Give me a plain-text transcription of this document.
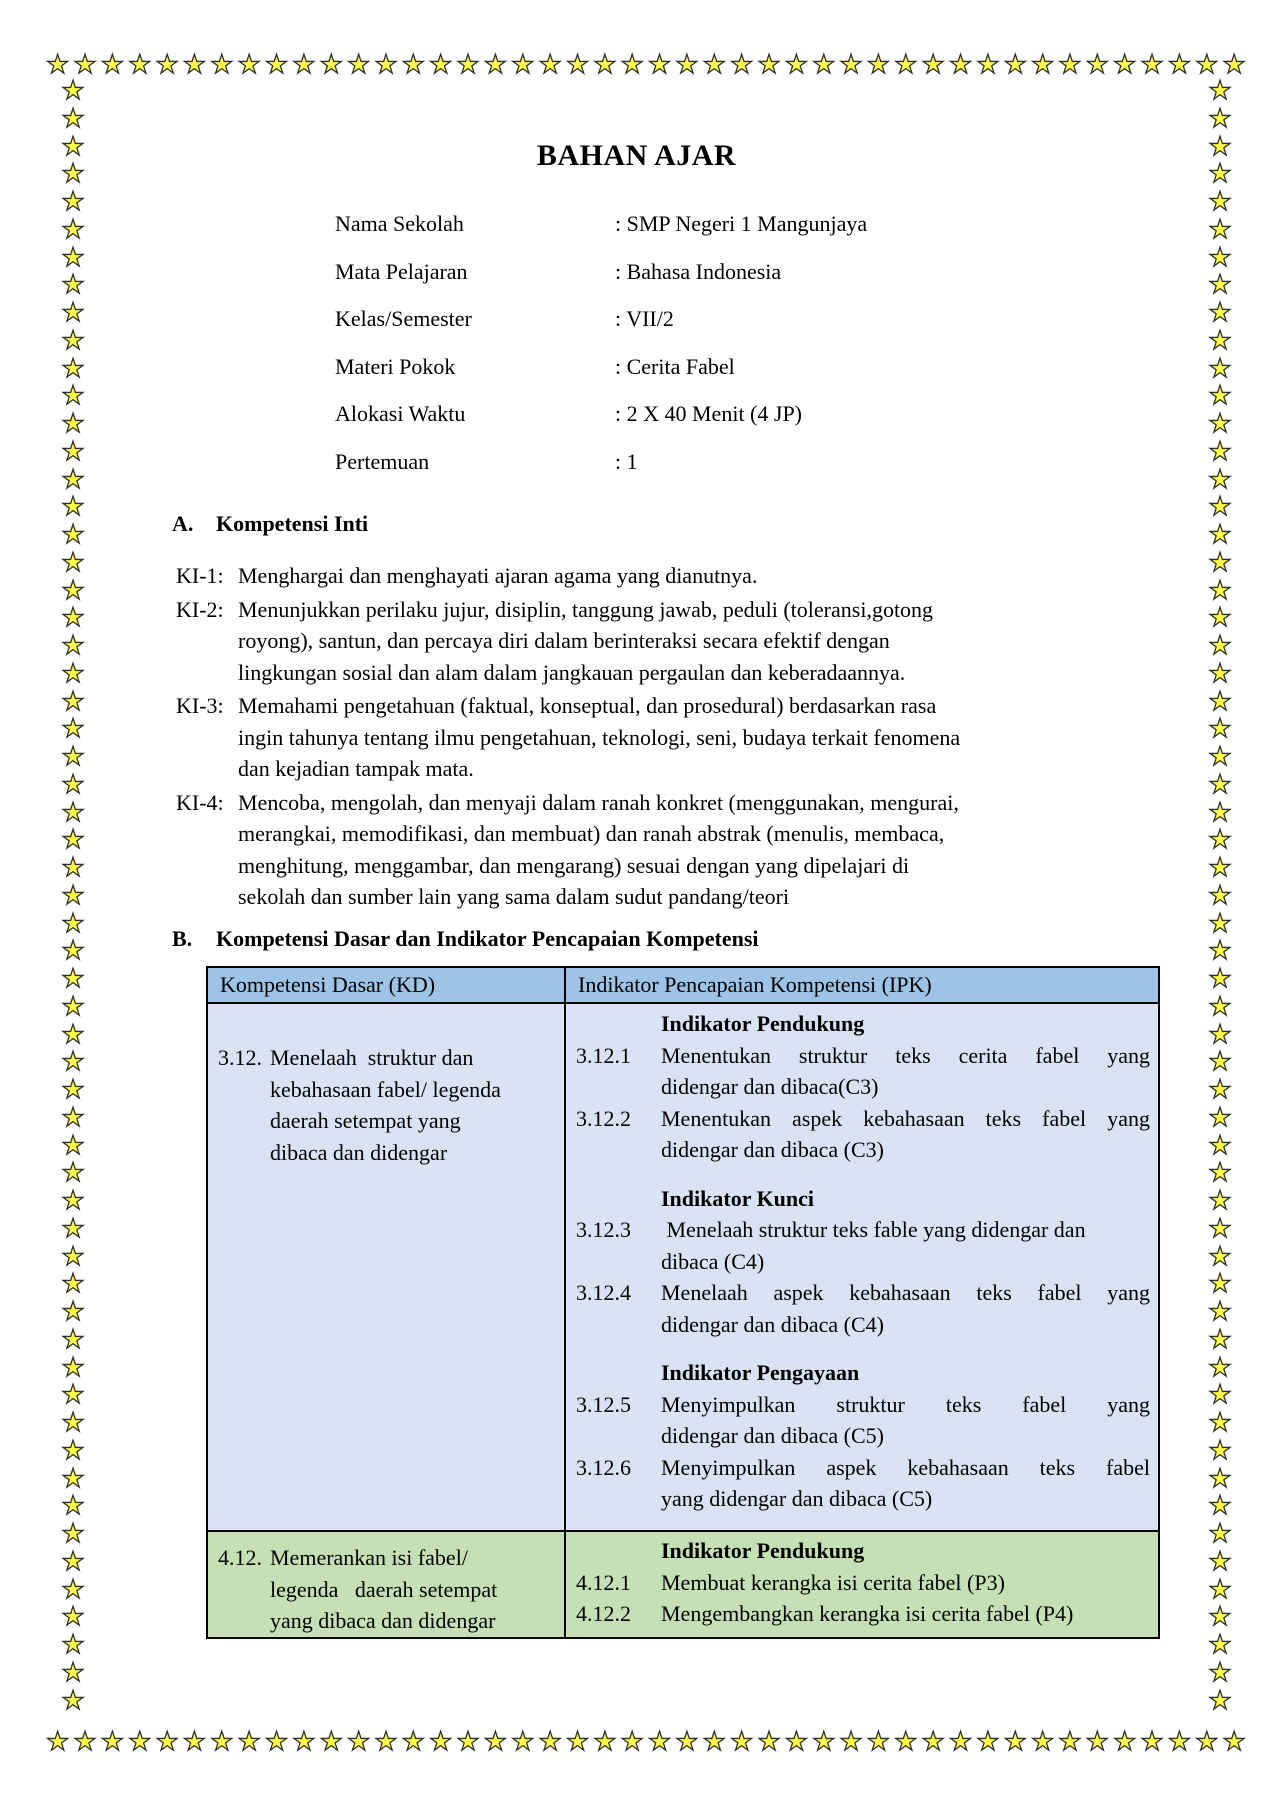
★ ★ ★ ★ ★ ★ ★ ★ ★ ★ ★ ★ ★ ★ ★ ★ ★ ★ ★ ★ ★ ★ ★ ★ ★ ★ ★ ★ ★ ★ ★ ★ ★ ★ ★ ★ ★ ★ ★ ★ ★ ★ ★ ★
★ ★ ★ ★ ★ ★ ★ ★ ★ ★ ★ ★ ★ ★ ★ ★ ★ ★ ★ ★ ★ ★ ★ ★ ★ ★ ★ ★ ★ ★ ★ ★ ★ ★ ★ ★ ★ ★ ★ ★ ★ ★ ★ ★
★
★
★
★
★
★
★
★
★
★
★
★
★
★
★
★
★
★
★
★
★
★
★
★
★
★
★
★
★
★
★
★
★
★
★
★
★
★
★
★
★
★
★
★
★
★
★
★
★
★
★
★
★
★
★
★
★
★
★
★
★
★
★
★
★
★
★
★
★
★
★
★
★
★
★
★
★
★
★
★
★
★
★
★
★
★
★
★
★
★
★
★
★
★
★
★
★
★
★
★
★
★
★
★
★
★
★
★
★
★
★
★
★
★
★
★
★
★
BAHAN AJAR
Nama Sekolah	: SMP Negeri 1 Mangunjaya
Mata Pelajaran	: Bahasa Indonesia
Kelas/Semester	: VII/2
Materi Pokok	: Cerita Fabel
Alokasi Waktu	: 2 X 40 Menit (4 JP)
Pertemuan	: 1
A.	Kompetensi Inti
KI-1: Menghargai dan menghayati ajaran agama yang dianutnya.
KI-2: Menunjukkan perilaku jujur, disiplin, tanggung jawab, peduli (toleransi,gotong
royong), santun, dan percaya diri dalam berinteraksi secara efektif dengan
lingkungan sosial dan alam dalam jangkauan pergaulan dan keberadaannya.
KI-3: Memahami pengetahuan (faktual, konseptual, dan prosedural) berdasarkan rasa
ingin tahunya tentang ilmu pengetahuan, teknologi, seni, budaya terkait fenomena
dan kejadian tampak mata.
KI-4: Mencoba, mengolah, dan menyaji dalam ranah konkret (menggunakan, mengurai,
merangkai, memodifikasi, dan membuat) dan ranah abstrak (menulis, membaca,
menghitung, menggambar, dan mengarang) sesuai dengan yang dipelajari di
sekolah dan sumber lain yang sama dalam sudut pandang/teori
B.	Kompetensi Dasar dan Indikator Pencapaian Kompetensi
Kompetensi Dasar (KD)	Indikator Pencapaian Kompetensi (IPK)

3.12. Menelaah  struktur dan
kebahasaan fabel/ legenda
daerah setempat yang
dibaca dan didengar

Indikator Pendukung
3.12.1	Menentukan struktur teks cerita fabel yang
didengar dan dibaca(C3)
3.12.2	Menentukan aspek kebahasaan teks fabel yang
didengar dan dibaca (C3)
Indikator Kunci
3.12.3	Menelaah struktur teks fable yang didengar dan
dibaca (C4)
3.12.4	Menelaah aspek kebahasaan teks fabel yang
didengar dan dibaca (C4)
Indikator Pengayaan
3.12.5	Menyimpulkan struktur teks fabel yang
didengar dan dibaca (C5)
3.12.6	Menyimpulkan aspek kebahasaan teks fabel
yang didengar dan dibaca (C5)

4.12. Memerankan isi fabel/
legenda   daerah setempat
yang dibaca dan didengar

Indikator Pendukung
4.12.1	Membuat kerangka isi cerita fabel (P3)
4.12.2	Mengembangkan kerangka isi cerita fabel (P4)
